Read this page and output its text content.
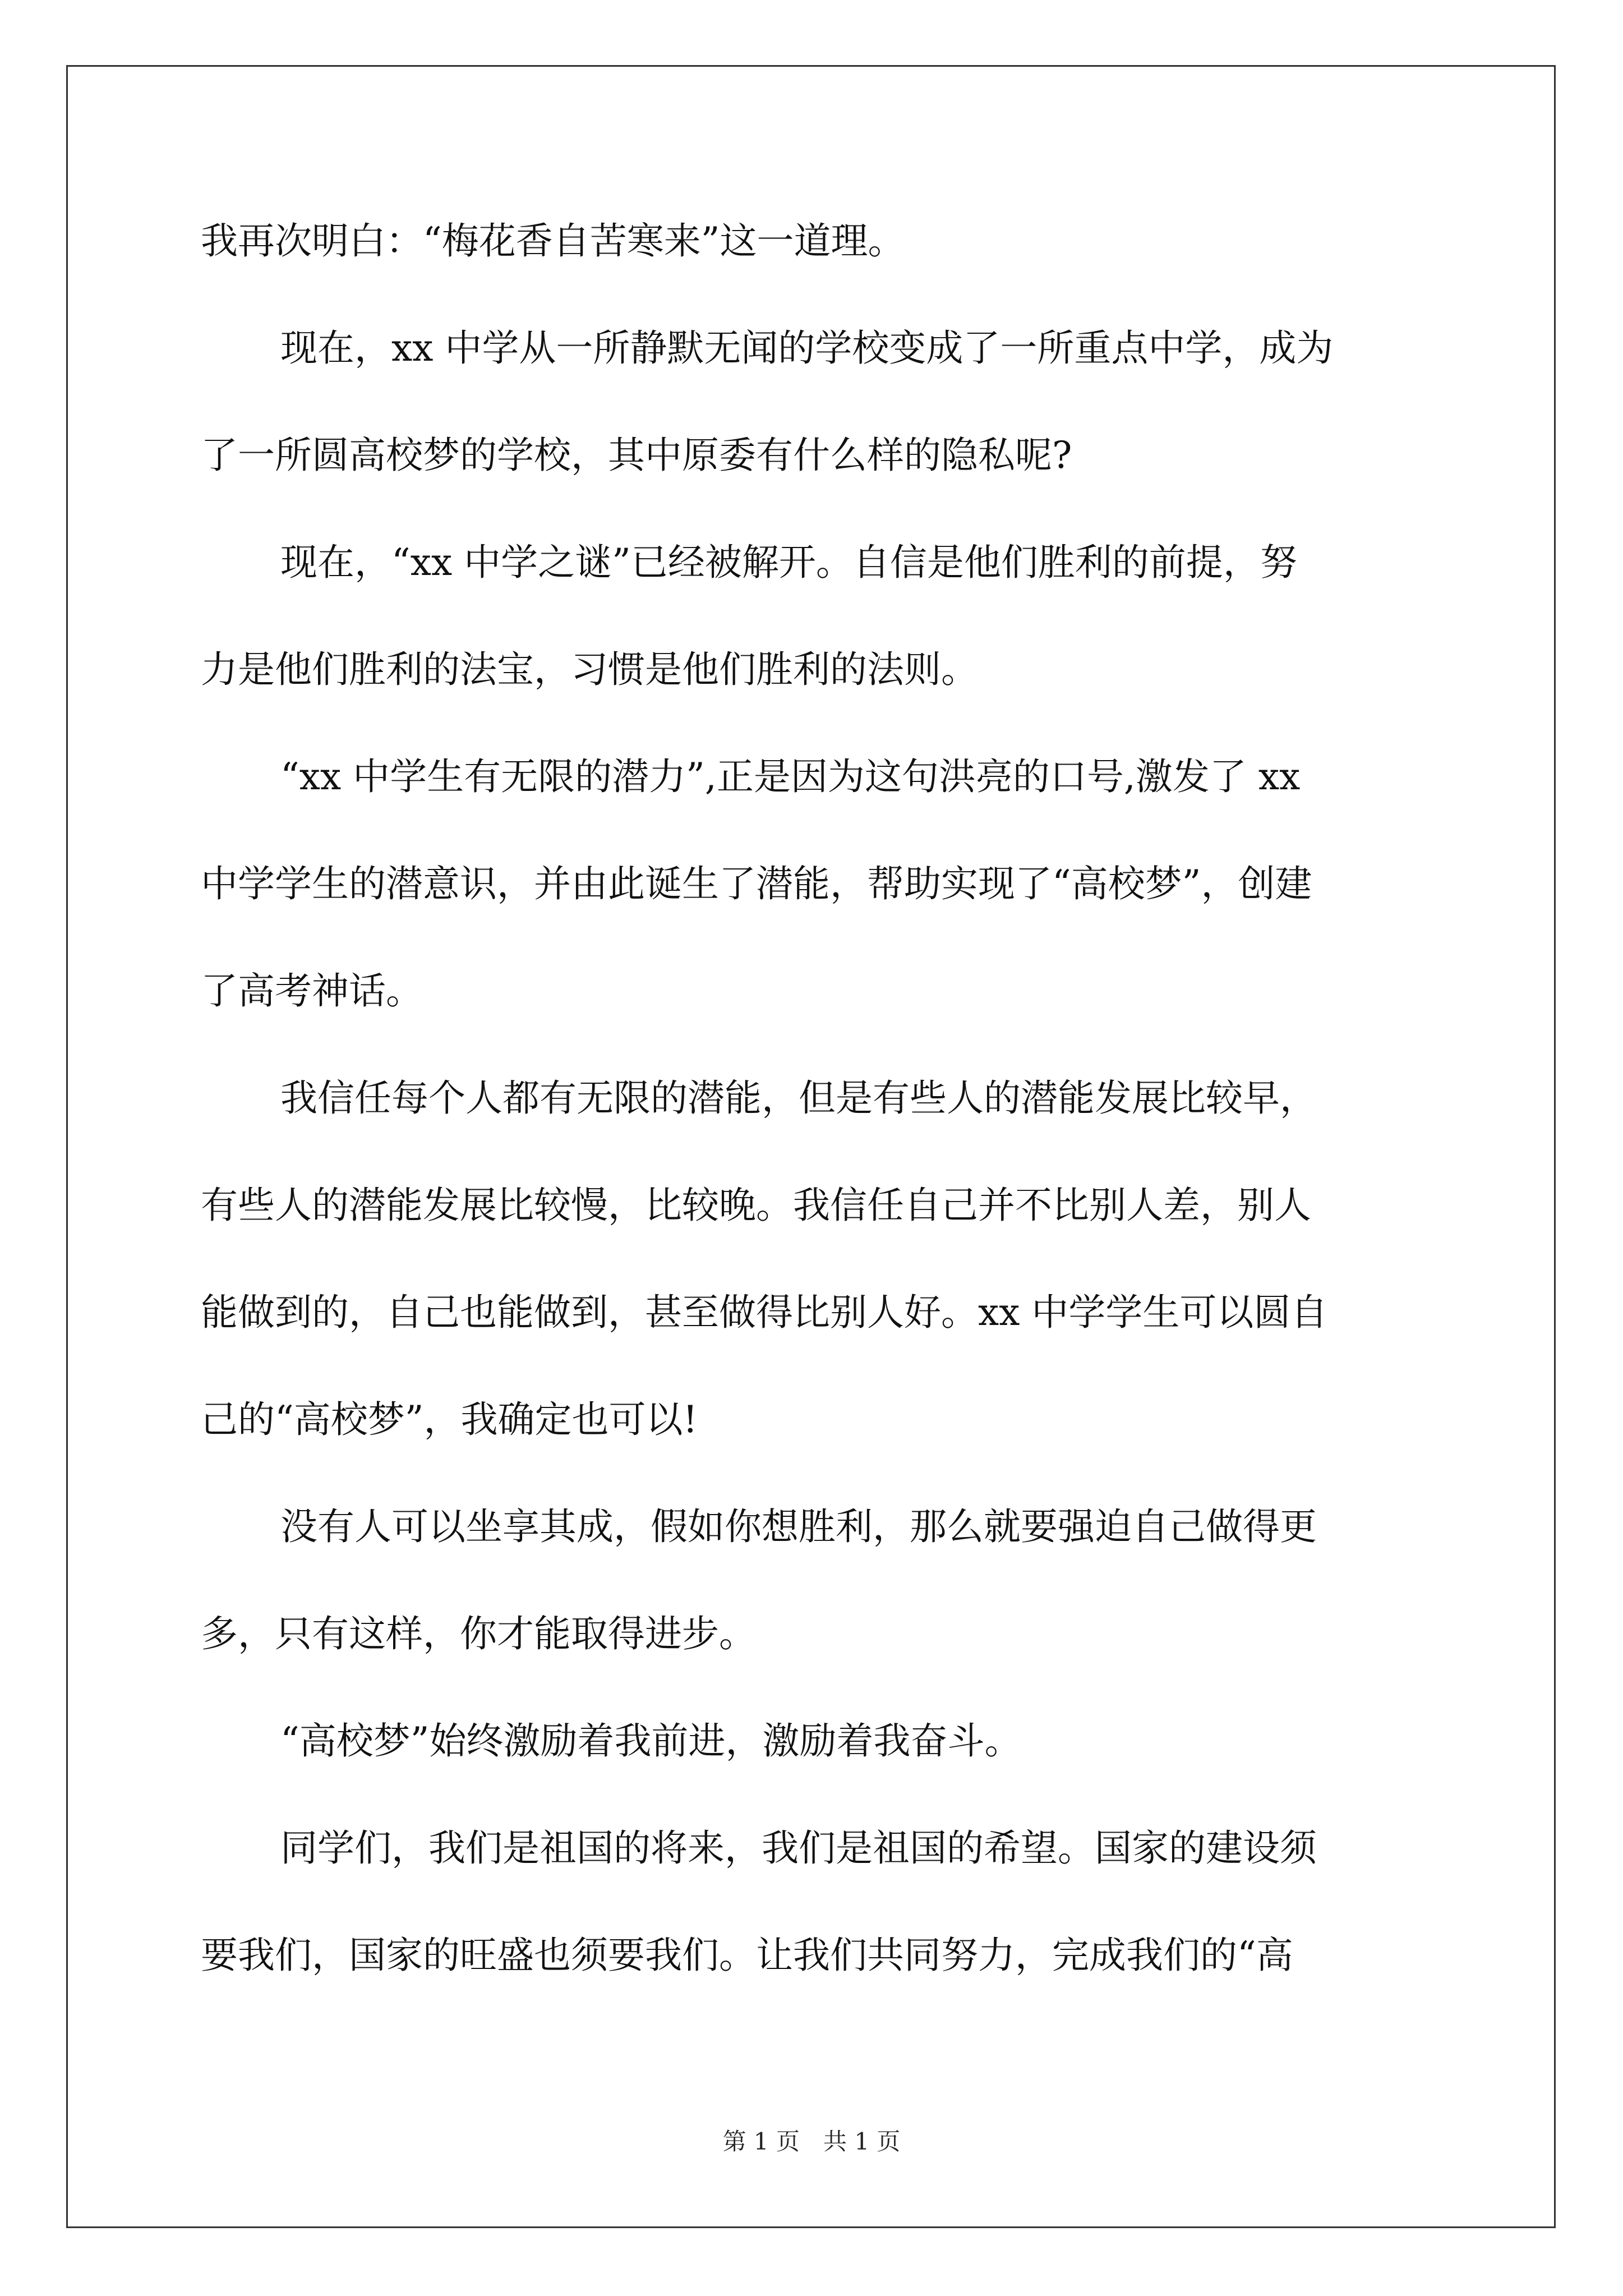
我再次明白：“梅花香自苦寒来”这一道理。
现在，xx 中学从一所静默无闻的学校变成了一所重点中学，成为
了一所圆高校梦的学校，其中原委有什么样的隐私呢?
现在，“xx 中学之谜”已经被解开。自信是他们胜利的前提，努
力是他们胜利的法宝，习惯是他们胜利的法则。
“xx 中学生有无限的潜力”,正是因为这句洪亮的口号,激发了 xx
中学学生的潜意识，并由此诞生了潜能，帮助实现了“高校梦”，创建
了高考神话。
我信任每个人都有无限的潜能，但是有些人的潜能发展比较早，
有些人的潜能发展比较慢，比较晚。我信任自己并不比别人差，别人
能做到的，自己也能做到，甚至做得比别人好。xx 中学学生可以圆自
己的“高校梦”，我确定也可以!
没有人可以坐享其成，假如你想胜利，那么就要强迫自己做得更
多，只有这样，你才能取得进步。
“高校梦”始终激励着我前进，激励着我奋斗。
同学们，我们是祖国的将来，我们是祖国的希望。国家的建设须
要我们，国家的旺盛也须要我们。让我们共同努力，完成我们的“高
第 1 页　共 1 页
